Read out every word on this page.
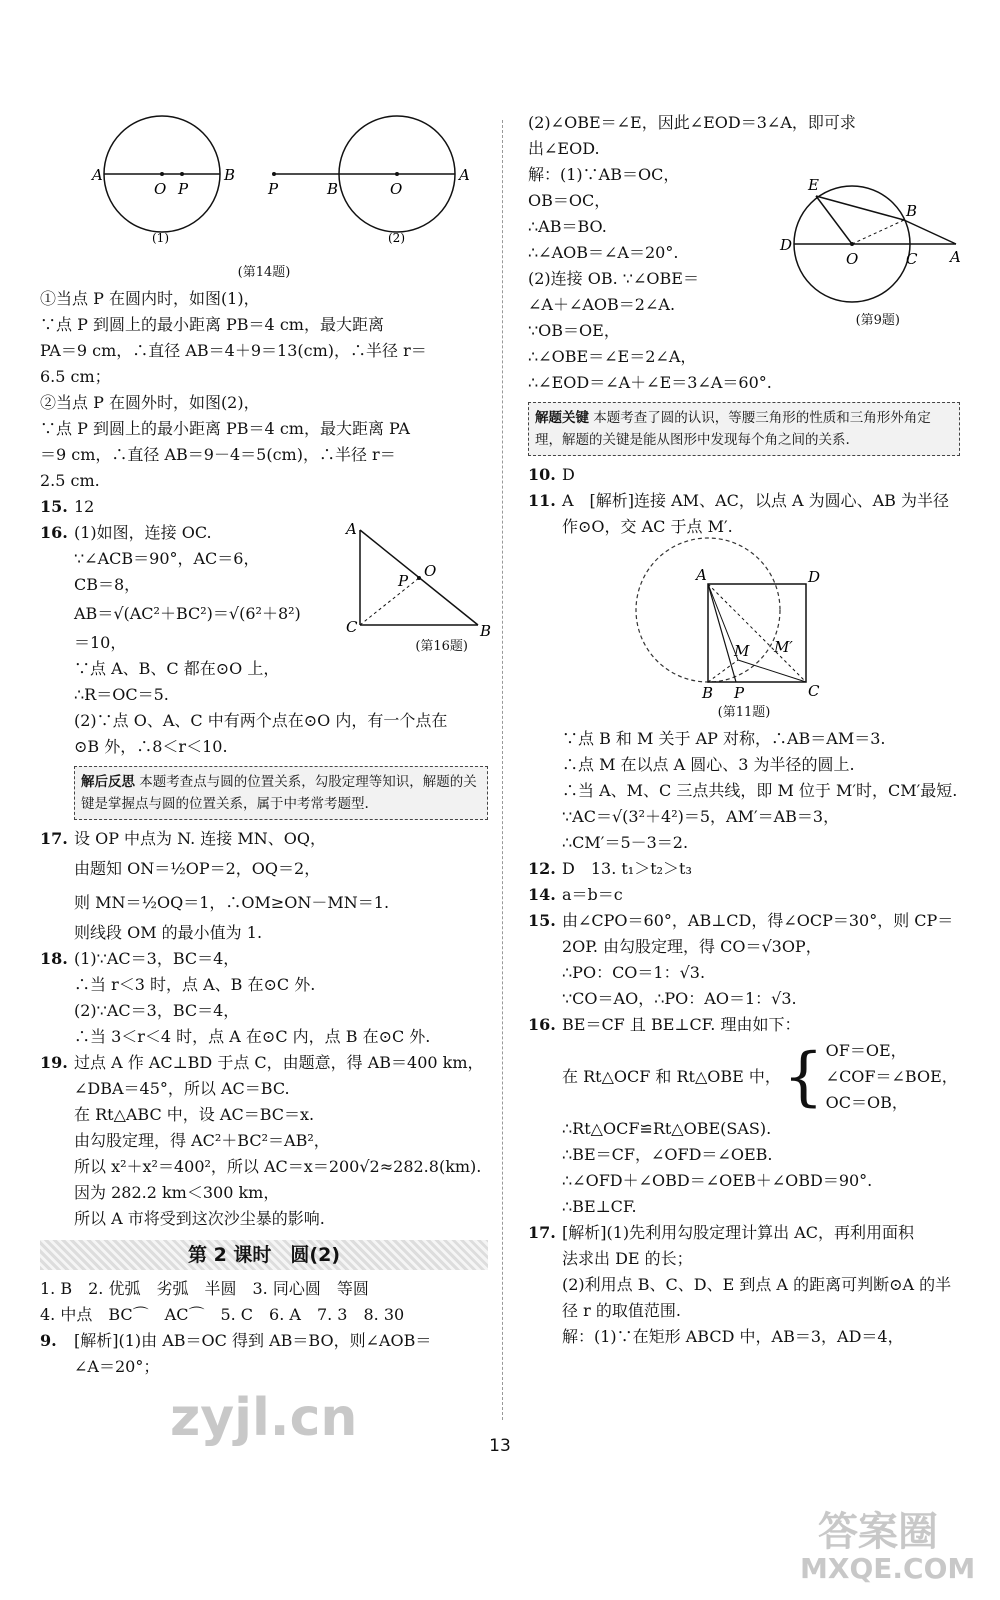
A
O P
B
(1)
P	B	O
A
(2)
(第14题)
①当点 P 在圆内时，如图(1)，
∵点 P 到圆上的最小距离 PB＝4 cm，最大距离
PA＝9 cm，∴直径 AB＝4＋9＝13(cm)，∴半径 r＝
6.5 cm；
②当点 P 在圆外时，如图(2)，
∵点 P 到圆上的最小距离 PB＝4 cm，最大距离 PA
＝9 cm，∴直径 AB＝9－4＝5(cm)，∴半径 r＝
2.5 cm.
15. 12
A
C	B
O
P
(第16题)
16. (1)如图，连接 OC.
∵∠ACB＝90°，AC＝6，
CB＝8，
AB＝√(AC²＋BC²)＝√(6²＋8²)
＝10，
∵点 A、B、C 都在⊙O 上，
∴R＝OC＝5.
(2)∵点 O、A、C 中有两个点在⊙O 内，有一个点在
⊙B 外，∴8＜r＜10.
解后反思 本题考查点与圆的位置关系，勾股定理等知识，解题的关键是掌握点与圆的位置关系，属于中考常考题型.
17. 设 OP 中点为 N. 连接 MN、OQ，
由题知 ON＝½OP＝2，OQ＝2，
则 MN＝½OQ＝1，∴OM≥ON－MN＝1.
则线段 OM 的最小值为 1.
18. (1)∵AC＝3，BC＝4，
∴当 r＜3 时，点 A、B 在⊙C 外.
(2)∵AC＝3，BC＝4，
∴当 3＜r＜4 时，点 A 在⊙C 内，点 B 在⊙C 外.
19. 过点 A 作 AC⊥BD 于点 C，由题意，得 AB＝400 km，
∠DBA＝45°，所以 AC＝BC.
在 Rt△ABC 中，设 AC＝BC＝x.
由勾股定理，得 AC²＋BC²＝AB²，
所以 x²＋x²＝400²，所以 AC＝x＝200√2≈282.8(km).
因为 282.2 km＜300 km，
所以 A 市将受到这次沙尘暴的影响.
第 2 课时　圆(2)
1. B　2. 优弧　劣弧　半圆　3. 同心圆　等圆
4. 中点　BC⌒　AC⌒　5. C　6. A　7. 3　8. 30
9. [解析](1)由 AB＝OC 得到 AB＝BO，则∠AOB＝
∠A＝20°；
E
B
D
O	C A
(第9题)
(2)∠OBE＝∠E，因此∠EOD＝3∠A，即可求
出∠EOD.
解：(1)∵AB＝OC，
OB＝OC，
∴AB＝BO.
∴∠AOB＝∠A＝20°.
(2)连接 OB. ∵∠OBE＝
∠A＋∠AOB＝2∠A.
∵OB＝OE，
∴∠OBE＝∠E＝2∠A，
∴∠EOD＝∠A＋∠E＝3∠A＝60°.
解题关键 本题考查了圆的认识，等腰三角形的性质和三角形外角定理，解题的关键是能从图形中发现每个角之间的关系.
10. D
11. A　[解析]连接 AM、AC，以点 A 为圆心、AB 为半径
作⊙O，交 AC 于点 M′.
A	D
B P	C
M M′
(第11题)
∵点 B 和 M 关于 AP 对称，∴AB＝AM＝3.
∴点 M 在以点 A 圆心、3 为半径的圆上.
∴当 A、M、C 三点共线，即 M 位于 M′时，CM′最短.
∵AC＝√(3²＋4²)＝5，AM′＝AB＝3，
∴CM′＝5－3＝2.
12. D　13. t₁＞t₂＞t₃
14. a＝b＝c
15. 由∠CPO＝60°，AB⊥CD，得∠OCP＝30°，则 CP＝
2OP. 由勾股定理，得 CO＝√3OP，
∴PO：CO＝1：√3.
∵CO＝AO，∴PO：AO＝1：√3.
16. BE＝CF 且 BE⊥CF. 理由如下：
在 Rt△OCF 和 Rt△OBE 中， { OF＝OE，
∠COF＝∠BOE，
OC＝OB，
∴Rt△OCF≌Rt△OBE(SAS).
∴BE＝CF，∠OFD＝∠OEB.
∴∠OFD＋∠OBD＝∠OEB＋∠OBD＝90°.
∴BE⊥CF.
17. [解析](1)先利用勾股定理计算出 AC，再利用面积
法求出 DE 的长；
(2)利用点 B、C、D、E 到点 A 的距离可判断⊙A 的半
径 r 的取值范围.
解：(1)∵在矩形 ABCD 中，AB＝3，AD＝4，
13
zyjl.cn
答案圈
MXQE.COM
